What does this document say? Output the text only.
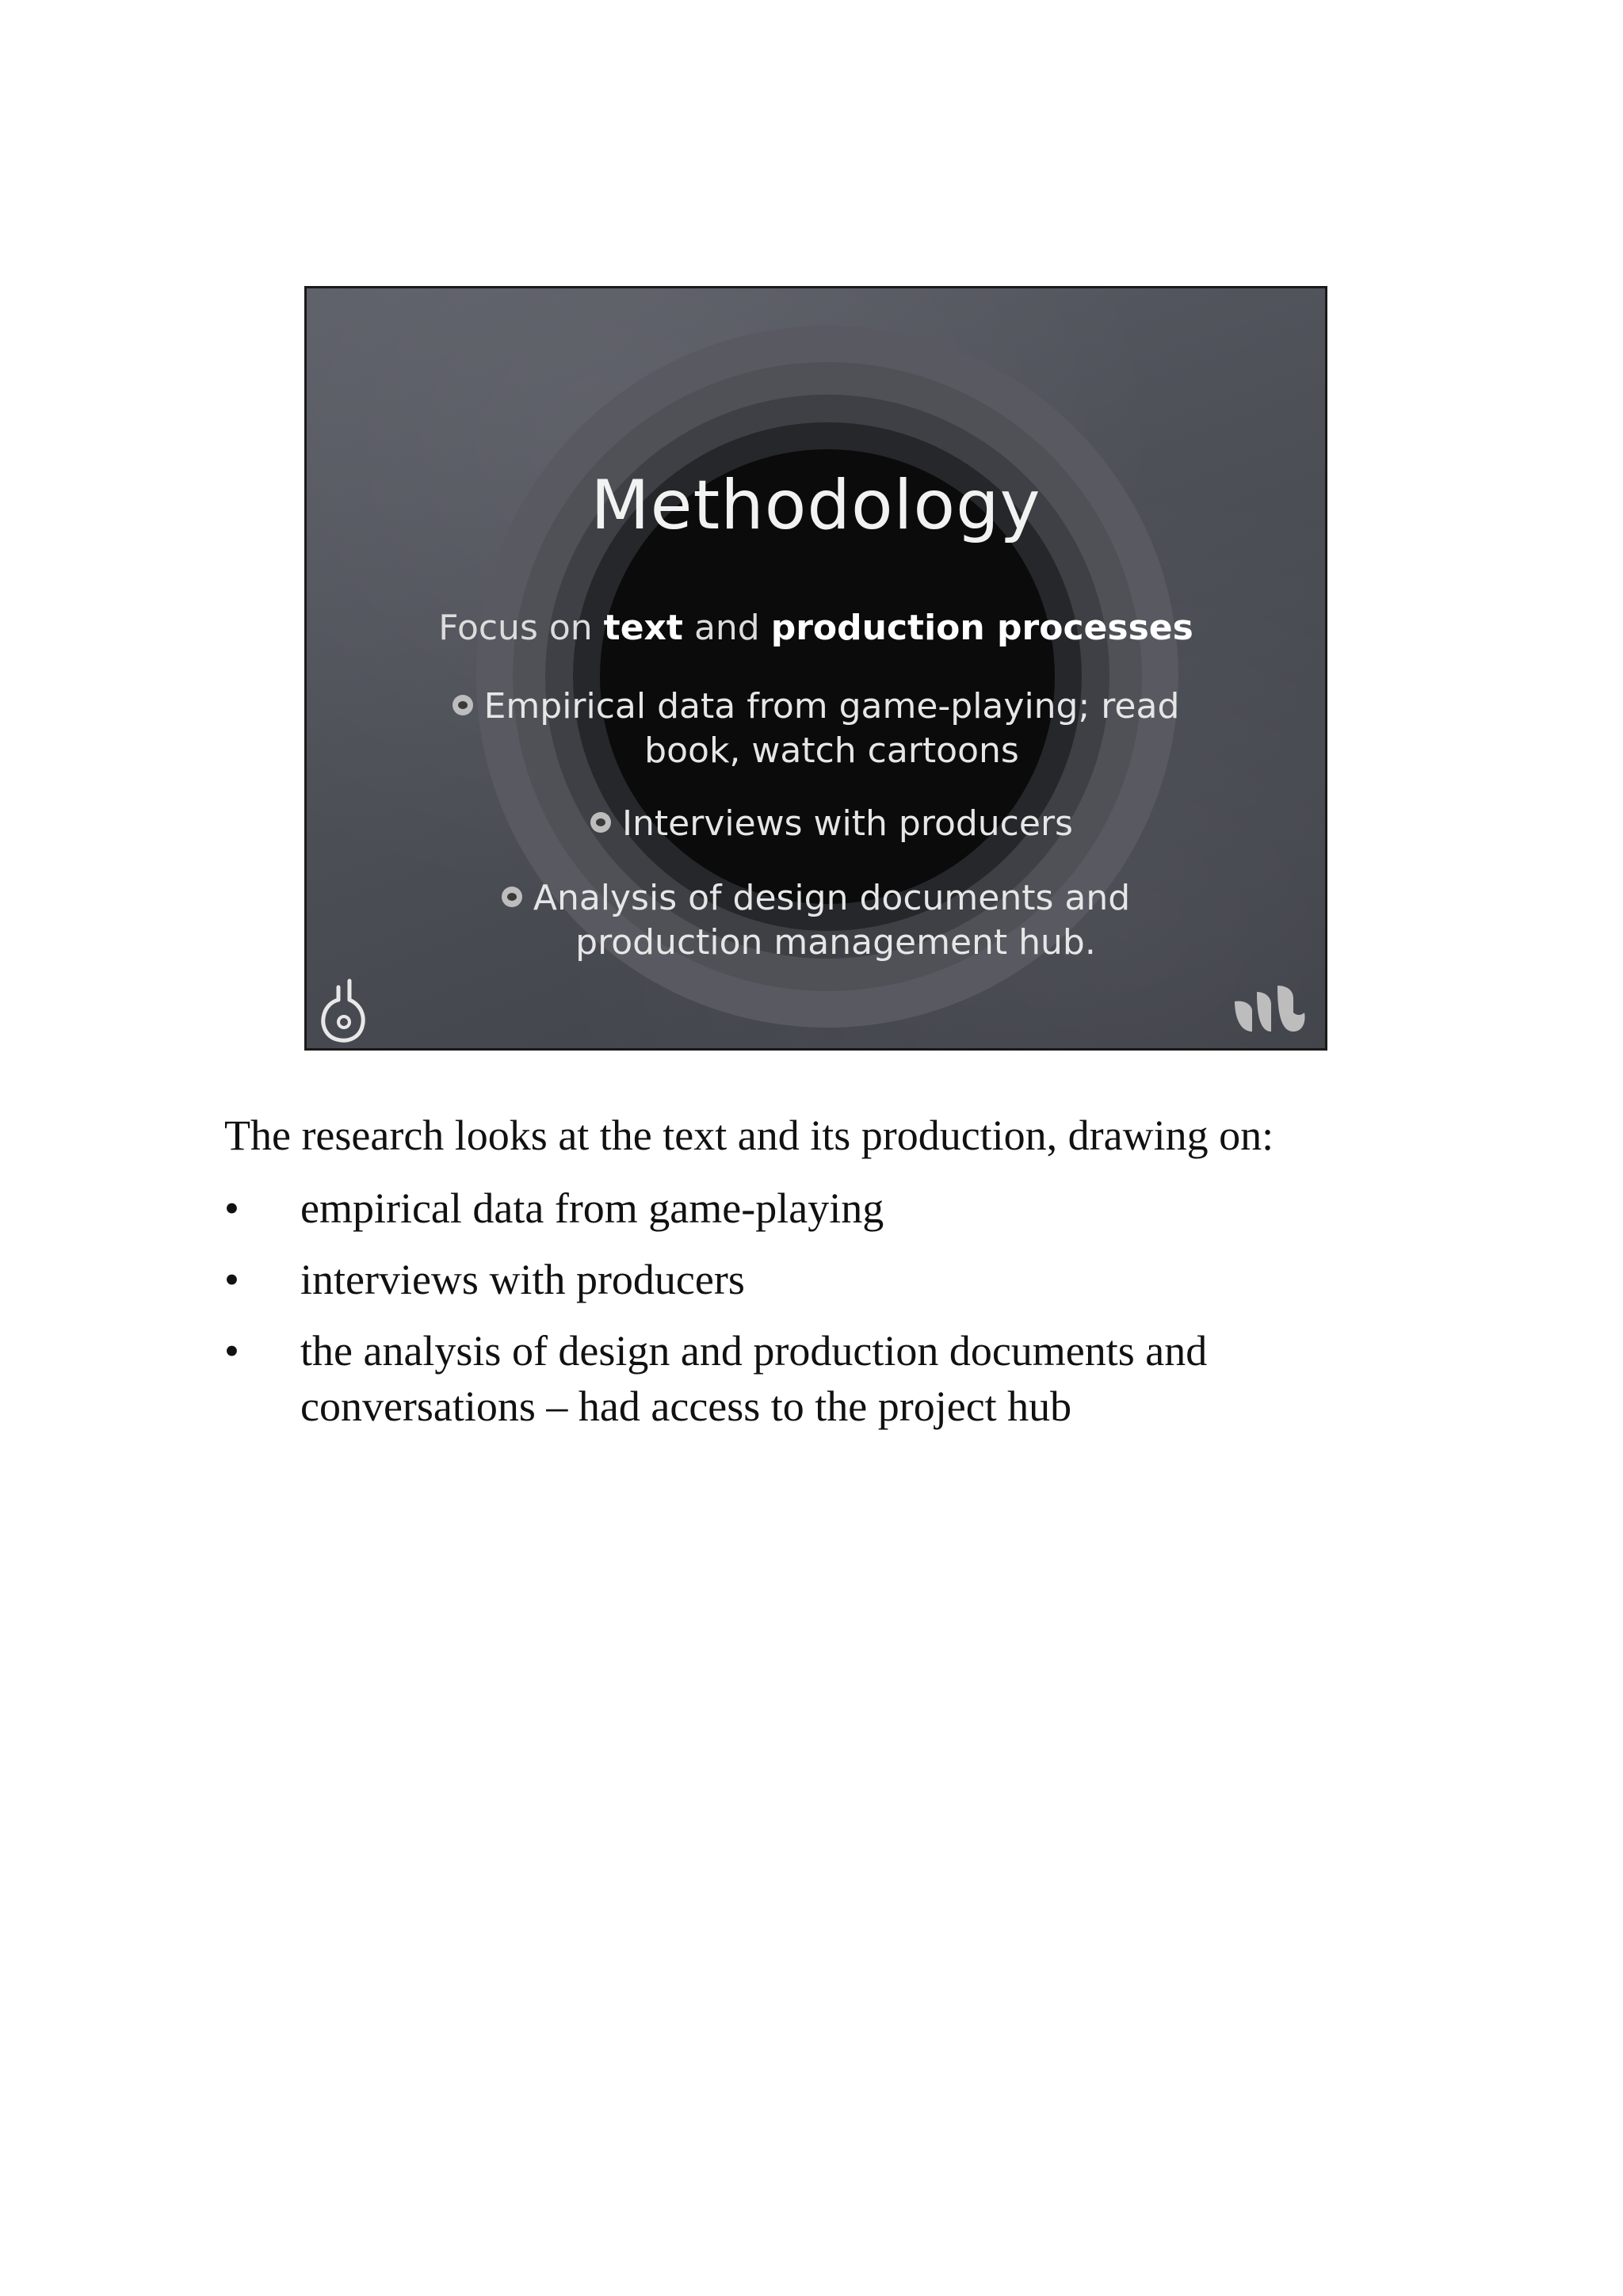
Methodology
Focus on text and production processes
Empirical data from game-playing; read
book, watch cartoons
Interviews with producers
Analysis of design documents and
production management hub.

The research looks at the text and its production, drawing on:

• empirical data from game-playing
• interviews with producers
• the analysis of design and production documents and conversations – had access to the project hub
